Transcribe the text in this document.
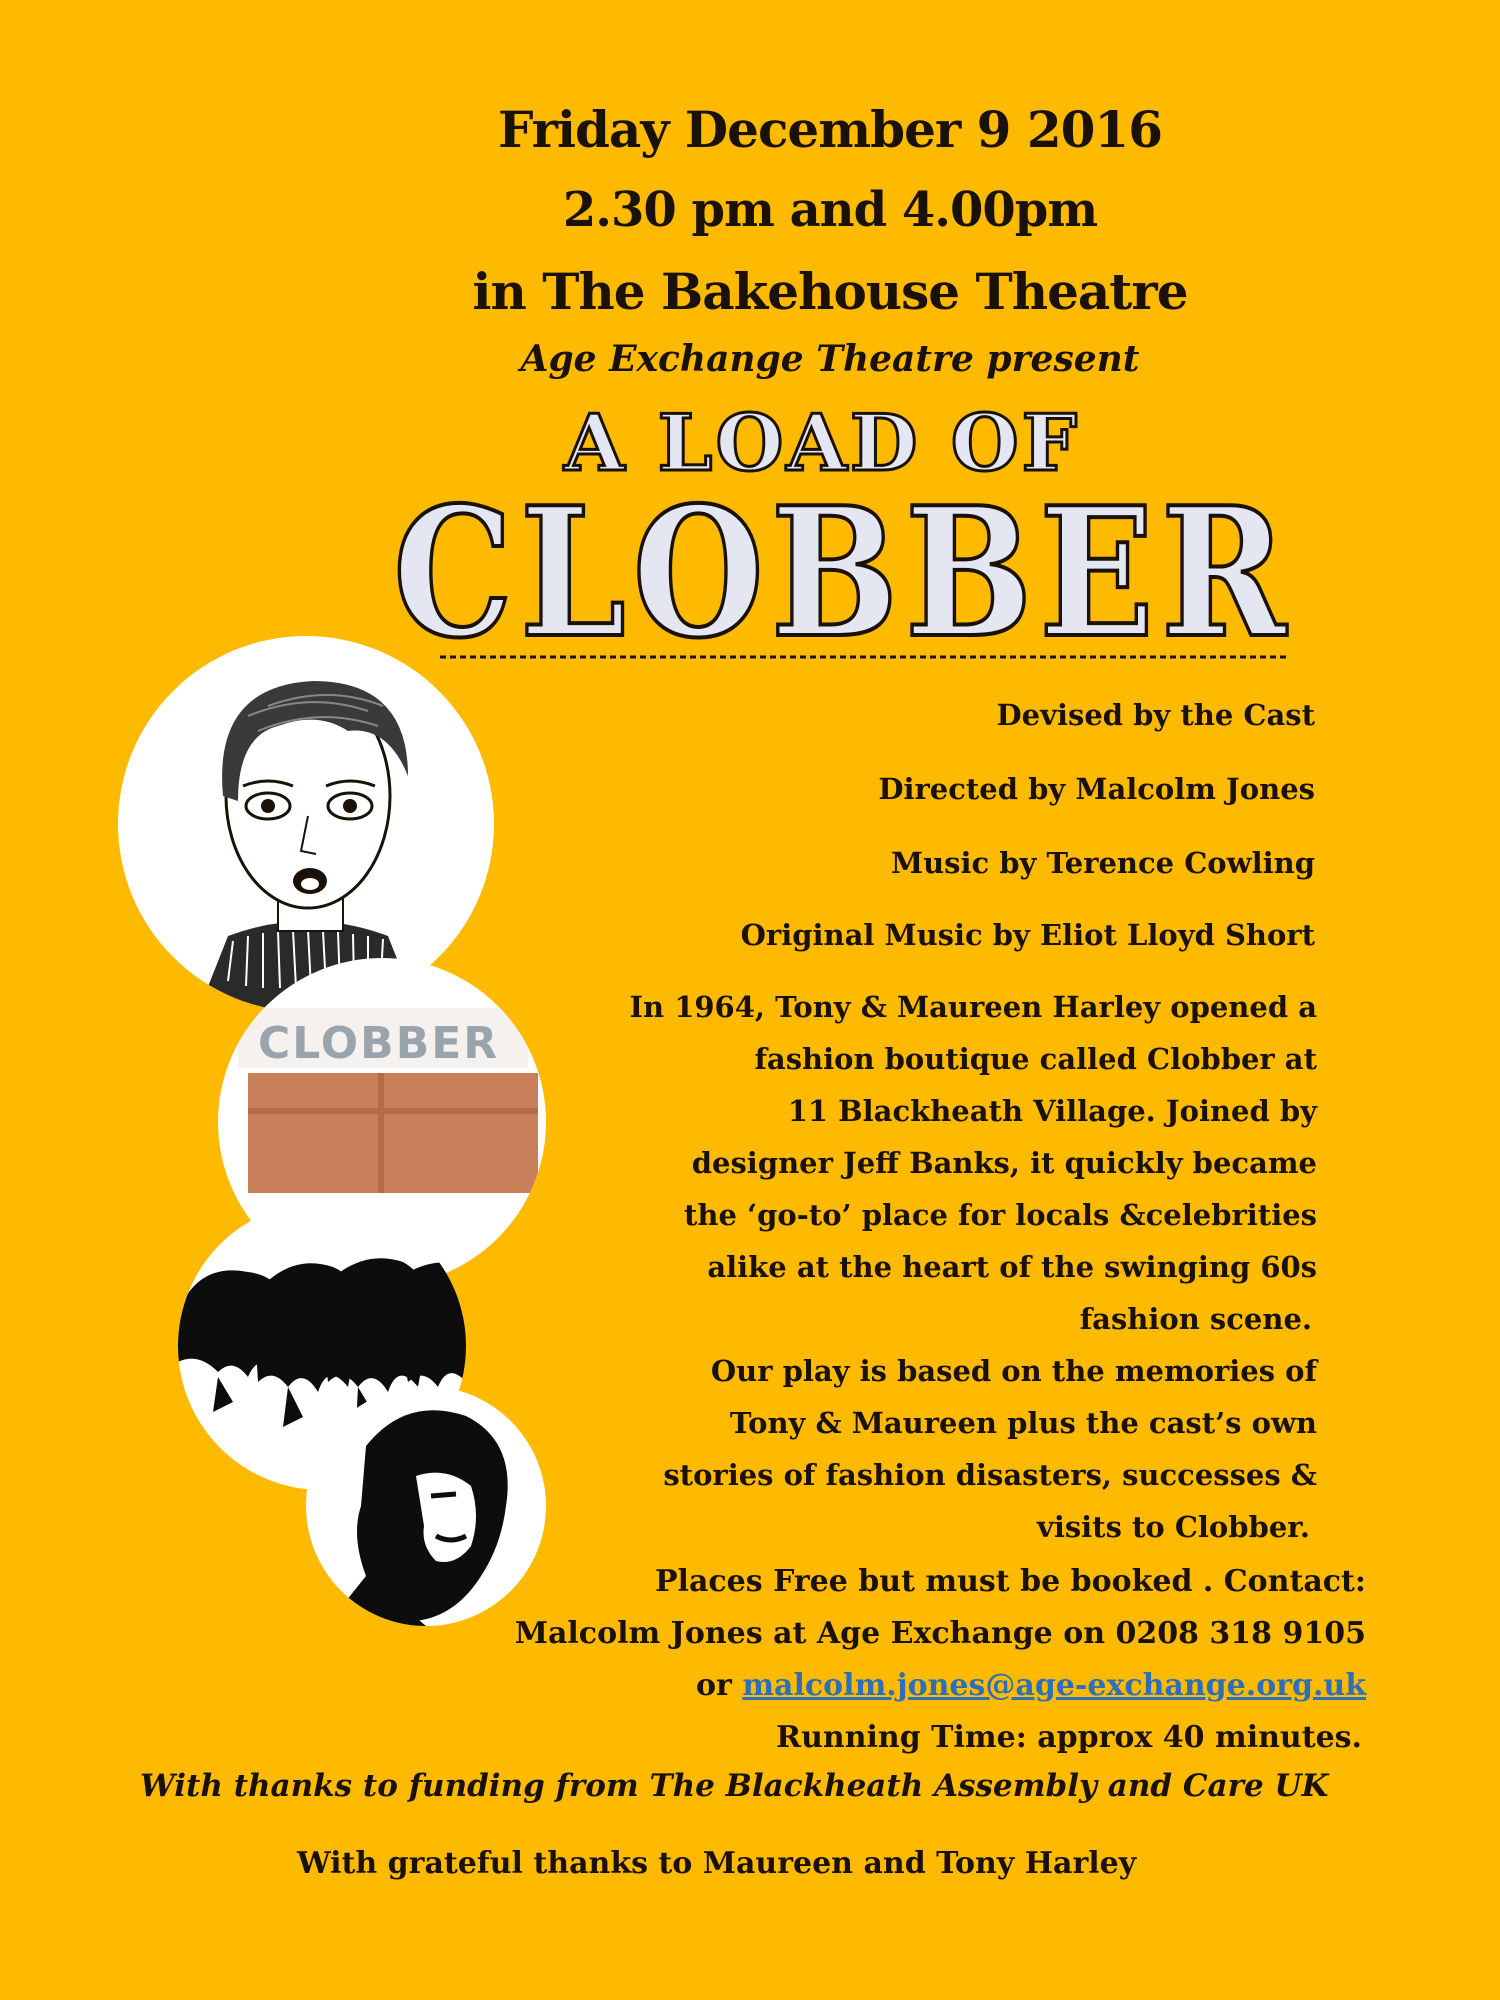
Friday December 9 2016
2.30 pm and 4.00pm
in The Bakehouse Theatre
Age Exchange Theatre present
A LOAD OF
CLOBBER
CLOBBER
Devised by the Cast
Directed by Malcolm Jones
Music by Terence Cowling
Original Music by Eliot Lloyd Short
In 1964, Tony & Maureen Harley opened a
fashion boutique called Clobber at
11 Blackheath Village. Joined by
designer Jeff Banks, it quickly became
the ‘go-to’ place for locals &celebrities
alike at the heart of the swinging 60s
fashion scene.
Our play is based on the memories of
Tony & Maureen plus the cast’s own
stories of fashion disasters, successes &
visits to Clobber.
Places Free but must be booked . Contact:
Malcolm Jones at Age Exchange on 0208 318 9105
or malcolm.jones@age-exchange.org.uk
Running Time: approx 40 minutes.
With thanks to funding from The Blackheath Assembly and Care UK
With grateful thanks to Maureen and Tony Harley
